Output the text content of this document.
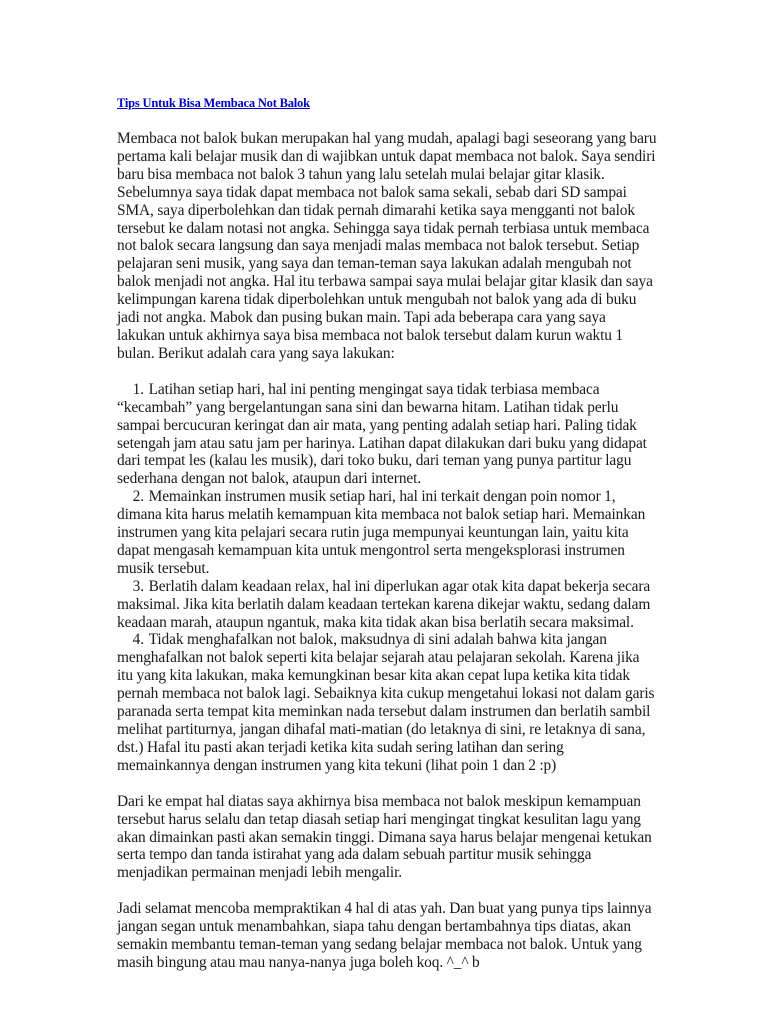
Tips Untuk Bisa Membaca Not Balok

Membaca not balok bukan merupakan hal yang mudah, apalagi bagi seseorang yang baru pertama kali belajar musik dan di wajibkan untuk dapat membaca not balok. Saya sendiri baru bisa membaca not balok 3 tahun yang lalu setelah mulai belajar gitar klasik. Sebelumnya saya tidak dapat membaca not balok sama sekali, sebab dari SD sampai SMA, saya diperbolehkan dan tidak pernah dimarahi ketika saya mengganti not balok tersebut ke dalam notasi not angka. Sehingga saya tidak pernah terbiasa untuk membaca not balok secara langsung dan saya menjadi malas membaca not balok tersebut. Setiap pelajaran seni musik, yang saya dan teman-teman saya lakukan adalah mengubah not balok menjadi not angka. Hal itu terbawa sampai saya mulai belajar gitar klasik dan saya kelimpungan karena tidak diperbolehkan untuk mengubah not balok yang ada di buku jadi not angka. Mabok dan pusing bukan main. Tapi ada beberapa cara yang saya lakukan untuk akhirnya saya bisa membaca not balok tersebut dalam kurun waktu 1 bulan. Berikut adalah cara yang saya lakukan:

1. Latihan setiap hari, hal ini penting mengingat saya tidak terbiasa membaca “kecambah” yang bergelantungan sana sini dan bewarna hitam. Latihan tidak perlu sampai bercucuran keringat dan air mata, yang penting adalah setiap hari. Paling tidak setengah jam atau satu jam per harinya. Latihan dapat dilakukan dari buku yang didapat dari tempat les (kalau les musik), dari toko buku, dari teman yang punya partitur lagu sederhana dengan not balok, ataupun dari internet.
2. Memainkan instrumen musik setiap hari, hal ini terkait dengan poin nomor 1, dimana kita harus melatih kemampuan kita membaca not balok setiap hari. Memainkan instrumen yang kita pelajari secara rutin juga mempunyai keuntungan lain, yaitu kita dapat mengasah kemampuan kita untuk mengontrol serta mengeksplorasi instrumen musik tersebut.
3. Berlatih dalam keadaan relax, hal ini diperlukan agar otak kita dapat bekerja secara maksimal. Jika kita berlatih dalam keadaan tertekan karena dikejar waktu, sedang dalam keadaan marah, ataupun ngantuk, maka kita tidak akan bisa berlatih secara maksimal.
4. Tidak menghafalkan not balok, maksudnya di sini adalah bahwa kita jangan menghafalkan not balok seperti kita belajar sejarah atau pelajaran sekolah. Karena jika itu yang kita lakukan, maka kemungkinan besar kita akan cepat lupa ketika kita tidak pernah membaca not balok lagi. Sebaiknya kita cukup mengetahui lokasi not dalam garis paranada serta tempat kita meminkan nada tersebut dalam instrumen dan berlatih sambil melihat partiturnya, jangan dihafal mati-matian (do letaknya di sini, re letaknya di sana, dst.) Hafal itu pasti akan terjadi ketika kita sudah sering latihan dan sering memainkannya dengan instrumen yang kita tekuni (lihat poin 1 dan 2 :p)

Dari ke empat hal diatas saya akhirnya bisa membaca not balok meskipun kemampuan tersebut harus selalu dan tetap diasah setiap hari mengingat tingkat kesulitan lagu yang akan dimainkan pasti akan semakin tinggi. Dimana saya harus belajar mengenai ketukan serta tempo dan tanda istirahat yang ada dalam sebuah partitur musik sehingga menjadikan permainan menjadi lebih mengalir.

Jadi selamat mencoba mempraktikan 4 hal di atas yah. Dan buat yang punya tips lainnya jangan segan untuk menambahkan, siapa tahu dengan bertambahnya tips diatas, akan semakin membantu teman-teman yang sedang belajar membaca not balok. Untuk yang masih bingung atau mau nanya-nanya juga boleh koq. ^_^ b
